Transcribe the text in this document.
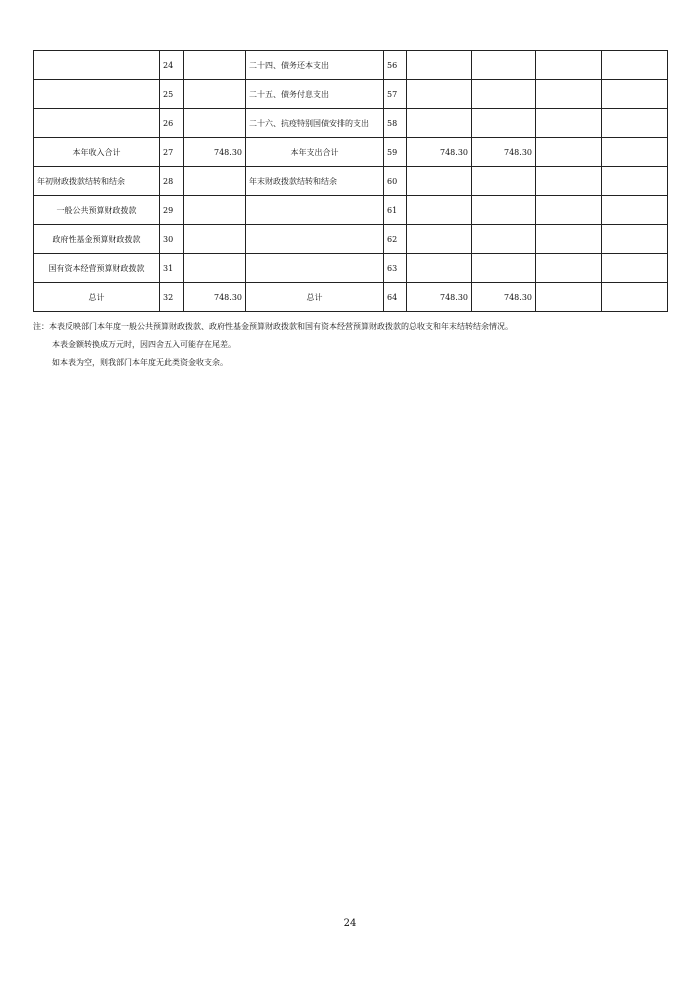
	24		二十四、债务还本支出	56				
	25		二十五、债务付息支出	57				
	26		二十六、抗疫特别国债安排的支出	58				
本年收入合计	27	748.30	本年支出合计	59	748.30	748.30		
年初财政拨款结转和结余	28		年末财政拨款结转和结余	60				
一般公共预算财政拨款	29			61				
政府性基金预算财政拨款	30			62				
国有资本经营预算财政拨款	31			63				
总计	32	748.30	总计	64	748.30	748.30		
注：本表反映部门本年度一般公共预算财政拨款、政府性基金预算财政拨款和国有资本经营预算财政拨款的总收支和年末结转结余情况。
本表金额转换成万元时，因四舍五入可能存在尾差。
如本表为空，则我部门本年度无此类资金收支余。
24
